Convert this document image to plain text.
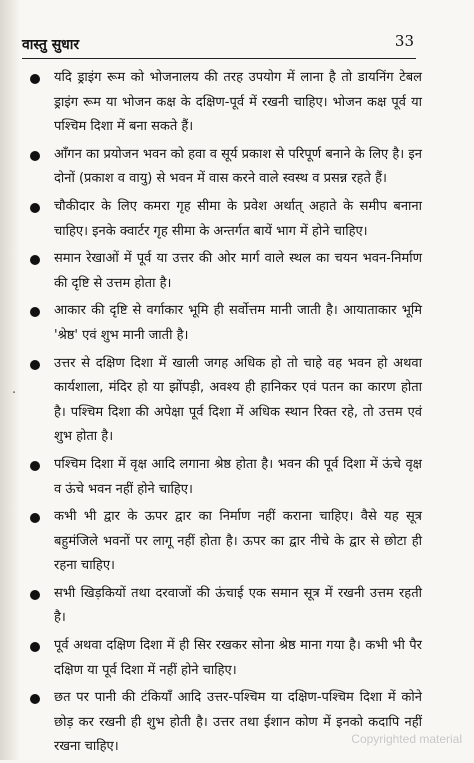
वास्तु सुधार	33
यदि ड्राइंग रूम को भोजनालय की तरह उपयोग में लाना है तो डायनिंग टेबल ड्राइंग रूम या भोजन कक्ष के दक्षिण-पूर्व में रखनी चाहिए। भोजन कक्ष पूर्व या पश्चिम दिशा में बना सकते हैं।
आँगन का प्रयोजन भवन को हवा व सूर्य प्रकाश से परिपूर्ण बनाने के लिए है। इन दोनों (प्रकाश व वायु) से भवन में वास करने वाले स्वस्थ व प्रसन्न रहते हैं।
चौकीदार के लिए कमरा गृह सीमा के प्रवेश अर्थात् अहाते के समीप बनाना चाहिए। इनके क्वार्टर गृह सीमा के अन्तर्गत बायें भाग में होने चाहिए।
समान रेखाओं में पूर्व या उत्तर की ओर मार्ग वाले स्थल का चयन भवन-निर्माण की दृष्टि से उत्तम होता है।
आकार की दृष्टि से वर्गाकार भूमि ही सर्वोत्तम मानी जाती है। आयाताकार भूमि 'श्रेष्ठ' एवं शुभ मानी जाती है।
उत्तर से दक्षिण दिशा में खाली जगह अधिक हो तो चाहे वह भवन हो अथवा कार्यशाला, मंदिर हो या झोंपड़ी, अवश्य ही हानिकर एवं पतन का कारण होता है। पश्चिम दिशा की अपेक्षा पूर्व दिशा में अधिक स्थान रिक्त रहे, तो उत्तम एवं शुभ होता है।
पश्चिम दिशा में वृक्ष आदि लगाना श्रेष्ठ होता है। भवन की पूर्व दिशा में ऊंचे वृक्ष व ऊंचे भवन नहीं होने चाहिए।
कभी भी द्वार के ऊपर द्वार का निर्माण नहीं कराना चाहिए। वैसे यह सूत्र बहुमंजिले भवनों पर लागू नहीं होता है। ऊपर का द्वार नीचे के द्वार से छोटा ही रहना चाहिए।
सभी खिड़कियों तथा दरवाजों की ऊंचाई एक समान सूत्र में रखनी उत्तम रहती है।
पूर्व अथवा दक्षिण दिशा में ही सिर रखकर सोना श्रेष्ठ माना गया है। कभी भी पैर दक्षिण या पूर्व दिशा में नहीं होने चाहिए।
छत पर पानी की टंकियाँ आदि उत्तर-पश्चिम या दक्षिण-पश्चिम दिशा में कोने छोड़ कर रखनी ही शुभ होती है। उत्तर तथा ईशान कोण में इनको कदापि नहीं रखना चाहिए।
.
Copyrighted material
